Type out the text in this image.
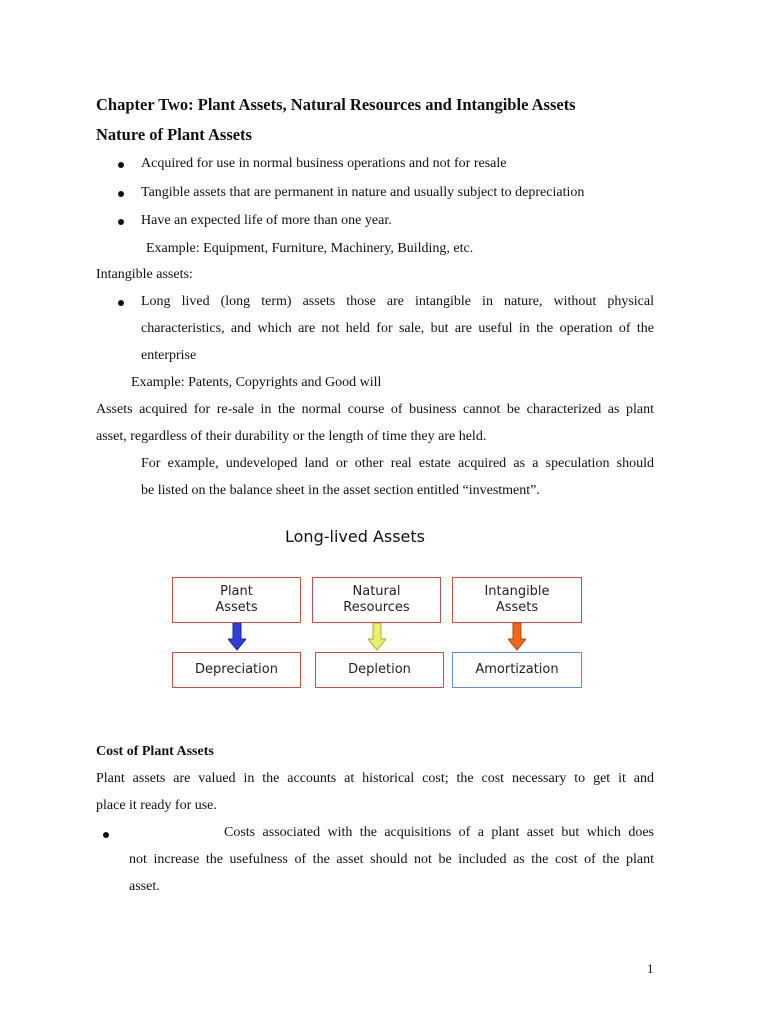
Chapter Two: Plant Assets, Natural Resources and Intangible Assets
Nature of Plant Assets
Acquired for use in normal business operations and not for resale
Tangible assets that are permanent in nature and usually subject to depreciation
Have an expected life of more than one year.
Example: Equipment, Furniture, Machinery, Building, etc.
Intangible assets:
Long lived (long term) assets those are intangible in nature, without physical
characteristics, and which are not held for sale, but are useful in the operation of the
enterprise
Example: Patents, Copyrights and Good will
Assets acquired for re-sale in the normal course of business cannot be characterized as plant
asset, regardless of their durability or the length of time they are held.
For example, undeveloped land or other real estate acquired as a speculation should
be listed on the balance sheet in the asset section entitled “investment”.
Long-lived Assets
Plant
Assets
Natural
Resources
Intangible
Assets
Depreciation	Depletion	Amortization
Cost of Plant Assets
Plant assets are valued in the accounts at historical cost; the cost necessary to get it and
place it ready for use.
Costs associated with the acquisitions of a plant asset but which does
not increase the usefulness of the asset should not be included as the cost of the plant
asset.
1
